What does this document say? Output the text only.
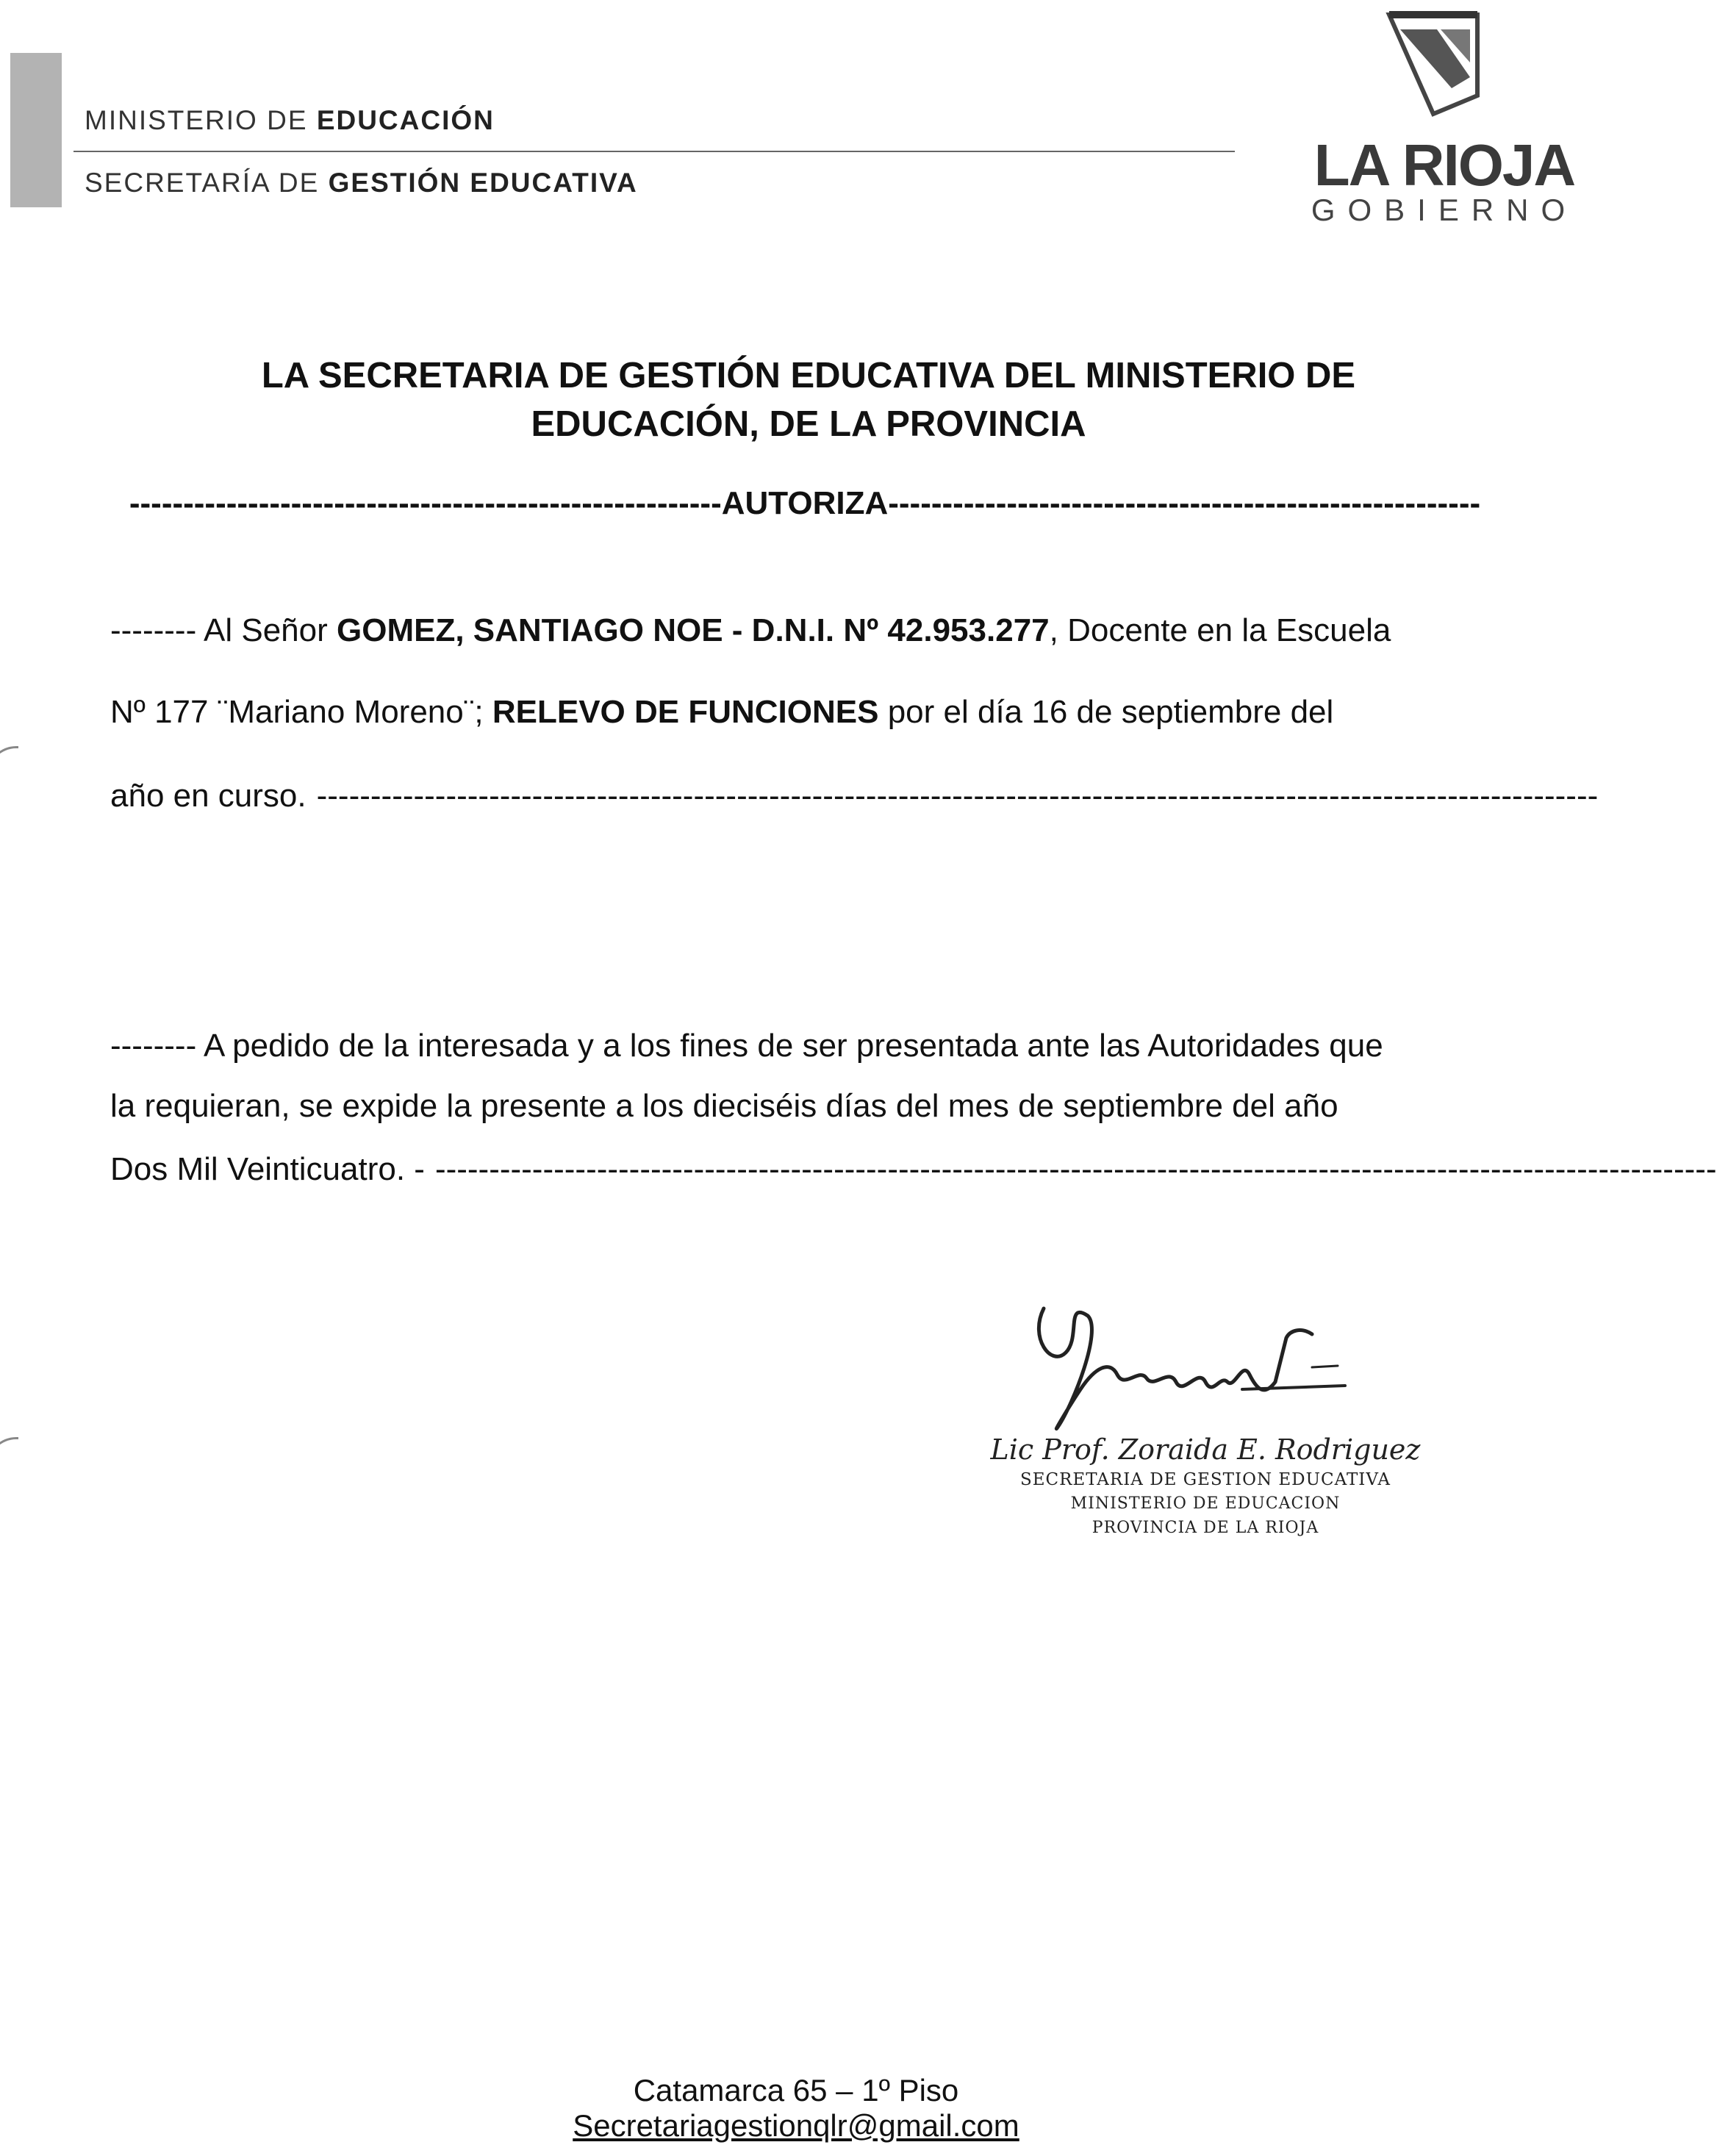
MINISTERIO DE EDUCACIÓN
SECRETARÍA DE GESTIÓN EDUCATIVA	LA RIOJA
GOBIERNO
LA SECRETARIA DE GESTIÓN EDUCATIVA DEL MINISTERIO DE
EDUCACIÓN, DE LA PROVINCIA
-------------------------------------------------------AUTORIZA-------------------------------------------------------
-------- Al Señor GOMEZ, SANTIAGO NOE - D.N.I. Nº 42.953.277, Docente en la Escuela
Nº 177 ¨Mariano Moreno¨; RELEVO DE FUNCIONES por el día 16 de septiembre del
año en curso. -----------------------------------------------------------------------------------------------------------------------
-------- A pedido de la interesada y a los fines de ser presentada ante las Autoridades que
la requieran, se expide la presente a los dieciséis días del mes de septiembre del año
Dos Mil Veinticuatro. - -----------------------------------------------------------------------------------------------------------------------
Lic Prof. Zoraida E. Rodriguez
SECRETARIA DE GESTION EDUCATIVA
MINISTERIO DE EDUCACION
PROVINCIA DE LA RIOJA
Catamarca 65 – 1º Piso
Secretariagestionqlr@gmail.com
